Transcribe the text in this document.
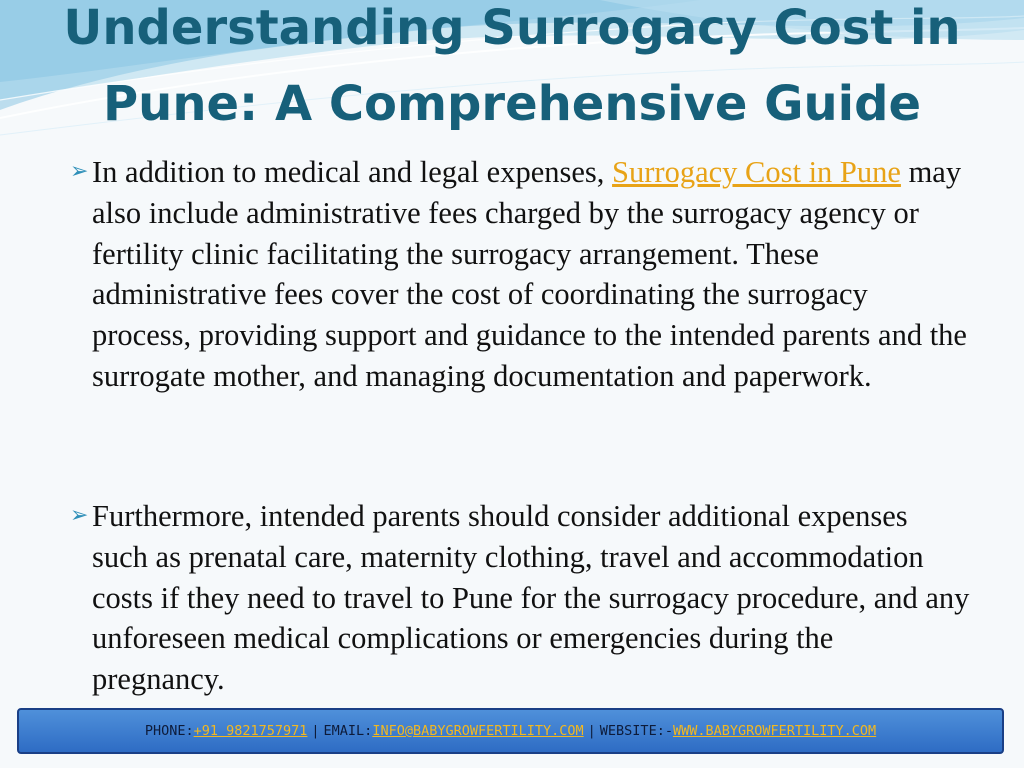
Understanding Surrogacy Cost in
Pune: A Comprehensive Guide
➢ In addition to medical and legal expenses, Surrogacy Cost in Pune may also include administrative fees charged by the surrogacy agency or fertility clinic facilitating the surrogacy arrangement. These administrative fees cover the cost of coordinating the surrogacy process, providing support and guidance to the intended parents and the surrogate mother, and managing documentation and paperwork.
➢ Furthermore, intended parents should consider additional expenses such as prenatal care, maternity clothing, travel and accommodation costs if they need to travel to Pune for the surrogacy procedure, and any unforeseen medical complications or emergencies during the pregnancy.
PHONE: +91 9821757971 | EMAIL: INFO@BABYGROWFERTILITY.COM | WEBSITE:- WWW.BABYGROWFERTILITY.COM
